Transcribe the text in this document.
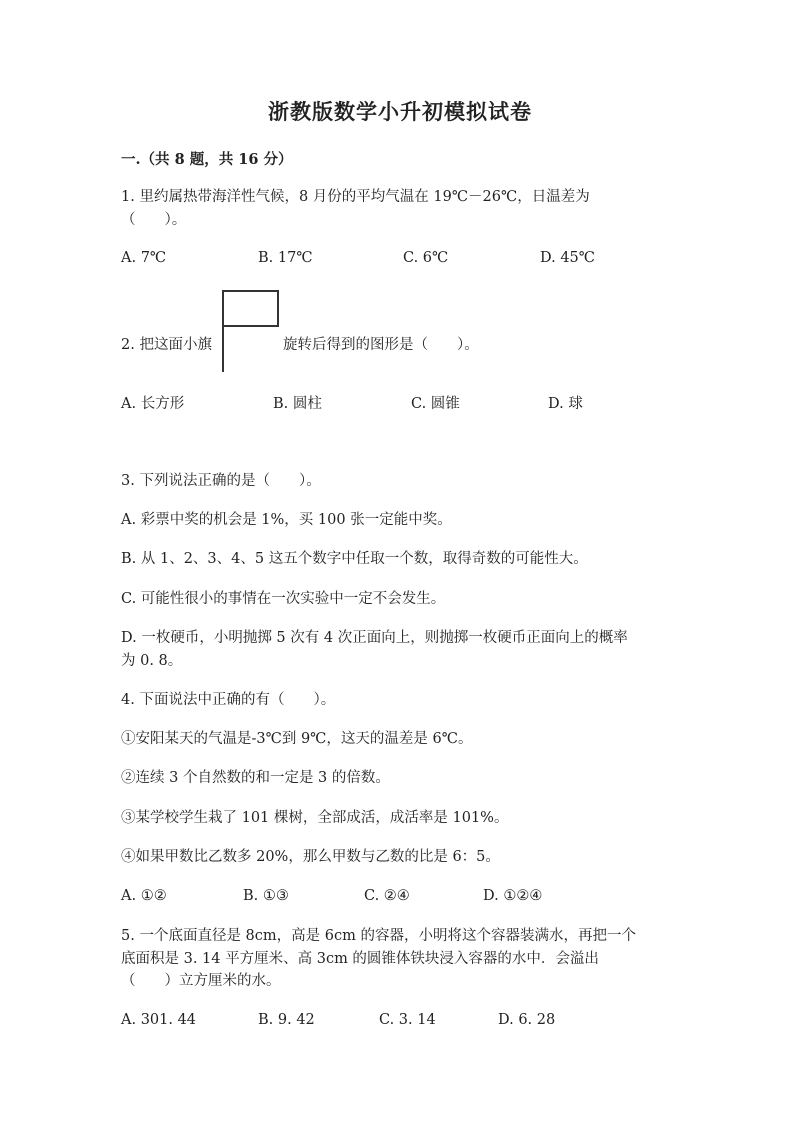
浙教版数学小升初模拟试卷
一.（共 8 题，共 16 分）
1. 里约属热带海洋性气候，8 月份的平均气温在 19℃－26℃，日温差为
（　　）。
A. 7℃	B. 17℃	C. 6℃	D. 45℃
2. 把这面小旗	旋转后得到的图形是（　　）。
A. 长方形	B. 圆柱	C. 圆锥	D. 球
3. 下列说法正确的是（　　）。
A. 彩票中奖的机会是 1%，买 100 张一定能中奖。
B. 从 1、2、3、4、5 这五个数字中任取一个数，取得奇数的可能性大。
C. 可能性很小的事情在一次实验中一定不会发生。
D. 一枚硬币，小明抛掷 5 次有 4 次正面向上，则抛掷一枚硬币正面向上的概率
为 0. 8。
4. 下面说法中正确的有（　　）。
①安阳某天的气温是-3℃到 9℃，这天的温差是 6℃。
②连续 3 个自然数的和一定是 3 的倍数。
③某学校学生栽了 101 棵树，全部成活，成活率是 101%。
④如果甲数比乙数多 20%，那么甲数与乙数的比是 6：5。
A. ①②	B. ①③	C. ②④	D. ①②④
5. 一个底面直径是 8cm，高是 6cm 的容器，小明将这个容器装满水，再把一个
底面积是 3. 14 平方厘米、高 3cm 的圆锥体铁块浸入容器的水中．会溢出
（　　）立方厘米的水。
A. 301. 44	B. 9. 42	C. 3. 14	D. 6. 28
